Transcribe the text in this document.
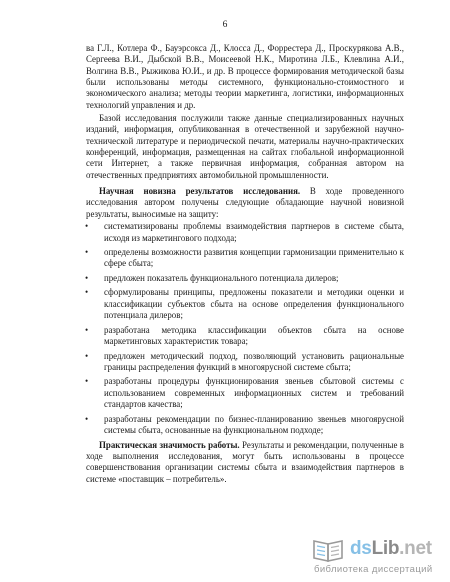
6

ва Г.Л., Котлера Ф., Бауэрсокса Д., Клосса Д., Форрестера Д., Проскурякова А.В., Сергеева В.И., Дыбской В.В., Моисеевой Н.К., Миротина Л.Б., Клевлина А.И., Волгина В.В., Рыжикова Ю.И., и др. В процессе формирования методической базы были использованы методы системного, функционально-стоимостного и экономического анализа; методы теории маркетинга, логистики, информационных технологий управления и др.

Базой исследования послужили также данные специализированных научных изданий, информация, опубликованная в отечественной и зарубежной научно-технической литературе и периодической печати, материалы научно-практических конференций, информация, размещенная на сайтах глобальной информационной сети Интернет, а также первичная информация, собранная автором на отечественных предприятиях автомобильной промышленности.

Научная новизна результатов исследования. В ходе проведенного исследования автором получены следующие обладающие научной новизной результаты, выносимые на защиту:

• систематизированы проблемы взаимодействия партнеров в системе сбыта, исходя из маркетингового подхода;
• определены возможности развития концепции гармонизации применительно к сфере сбыта;
• предложен показатель функционального потенциала дилеров;
• сформулированы принципы, предложены показатели и методики оценки и классификации субъектов сбыта на основе определения функционального потенциала дилеров;
• разработана методика классификации объектов сбыта на основе маркетинговых характеристик товара;
• предложен методический подход, позволяющий установить рациональные границы распределения функций в многоярусной системе сбыта;
• разработаны процедуры функционирования звеньев сбытовой системы с использованием современных информационных систем и требований стандартов качества;
• разработаны рекомендации по бизнес-планированию звеньев многоярусной системы сбыта, основанные на функциональном подходе;

Практическая значимость работы. Результаты и рекомендации, полученные в ходе выполнения исследования, могут быть использованы в процессе совершенствования организации системы сбыта и взаимодействия партнеров в системе «поставщик – потребитель».

dsLib.net
библиотека диссертаций
